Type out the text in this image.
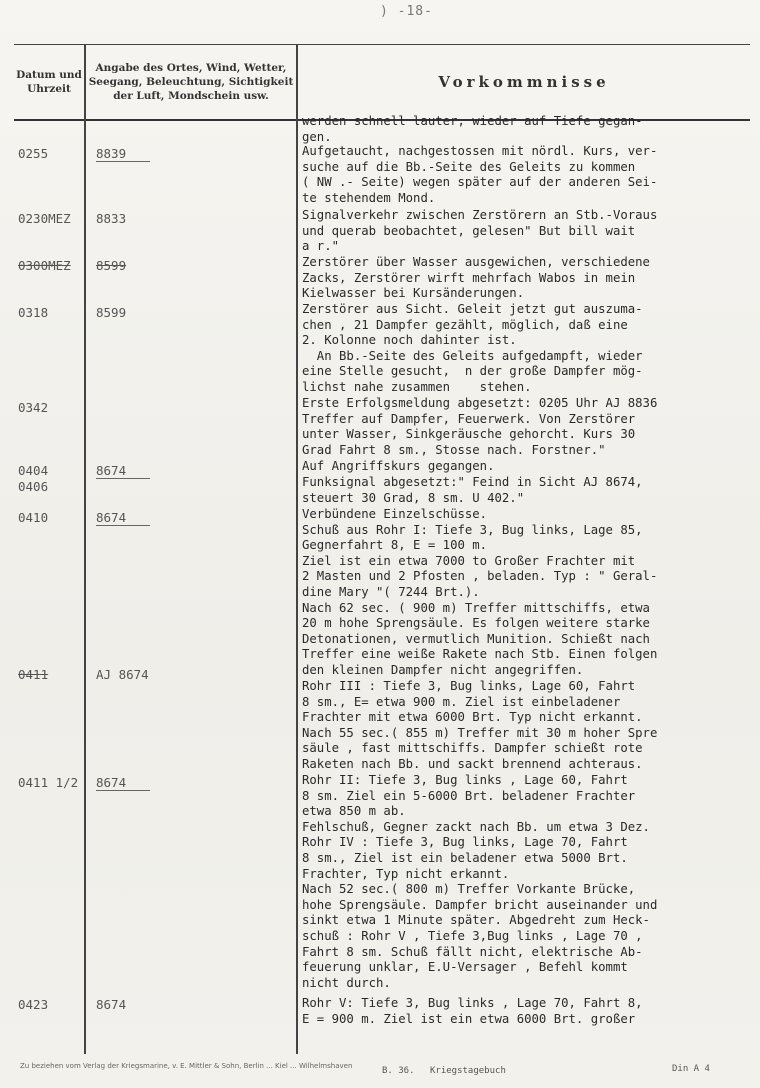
) -18-
Datum und Uhrzeit
Angabe des Ortes, Wind, Wetter, Seegang, Beleuchtung, Sichtigkeit der Luft, Mondschein usw.
Vorkommnisse
0255
0230MEZ
0300MEZ
0318
0342
0404
0406
0410
0411
0411 1/2
0423
8839
8833
8599
8599
8674
8674
AJ 8674
8674
8674
werden schnell lauter, wieder auf Tiefe gegan-
gen.
Aufgetaucht, nachgestossen mit nördl. Kurs, ver-
suche auf die Bb.-Seite des Geleits zu kommen
( NW .- Seite) wegen später auf der anderen Sei-
te stehendem Mond.
Signalverkehr zwischen Zerstörern an Stb.-Voraus
und querab beobachtet, gelesen" But bill wait
a r."
Zerstörer über Wasser ausgewichen, verschiedene
Zacks, Zerstörer wirft mehrfach Wabos in mein
Kielwasser bei Kursänderungen.
Zerstörer aus Sicht. Geleit jetzt gut auszuma-
chen , 21 Dampfer gezählt, möglich, daß eine
2. Kolonne noch dahinter ist.
An Bb.-Seite des Geleits aufgedampft, wieder
eine Stelle gesucht,  n der große Dampfer mög-
lichst nahe zusammen    stehen.
Erste Erfolgsmeldung abgesetzt: 0205 Uhr AJ 8836
Treffer auf Dampfer, Feuerwerk. Von Zerstörer
unter Wasser, Sinkgeräusche gehorcht. Kurs 30
Grad Fahrt 8 sm., Stosse nach. Forstner."
Auf Angriffskurs gegangen.
Funksignal abgesetzt:" Feind in Sicht AJ 8674,
steuert 30 Grad, 8 sm. U 402."
Verbündene Einzelschüsse.
Schuß aus Rohr I: Tiefe 3, Bug links, Lage 85,
Gegnerfahrt 8, E = 100 m.
Ziel ist ein etwa 7000 to Großer Frachter mit
2 Masten und 2 Pfosten , beladen. Typ : " Geral-
dine Mary "( 7244 Brt.).
Nach 62 sec. ( 900 m) Treffer mittschiffs, etwa
20 m hohe Sprengsäule. Es folgen weitere starke
Detonationen, vermutlich Munition. Schießt nach
Treffer eine weiße Rakete nach Stb. Einen folgen
den kleinen Dampfer nicht angegriffen.
Rohr III : Tiefe 3, Bug links, Lage 60, Fahrt
8 sm., E= etwa 900 m. Ziel ist einbeladener
Frachter mit etwa 6000 Brt. Typ nicht erkannt.
Nach 55 sec.( 855 m) Treffer mit 30 m hoher Spre
säule , fast mittschiffs. Dampfer schießt rote
Raketen nach Bb. und sackt brennend achteraus.
Rohr II: Tiefe 3, Bug links , Lage 60, Fahrt
8 sm. Ziel ein 5-6000 Brt. beladener Frachter
etwa 850 m ab.
Fehlschuß, Gegner zackt nach Bb. um etwa 3 Dez.
Rohr IV : Tiefe 3, Bug links, Lage 70, Fahrt
8 sm., Ziel ist ein beladener etwa 5000 Brt.
Frachter, Typ nicht erkannt.
Nach 52 sec.( 800 m) Treffer Vorkante Brücke,
hohe Sprengsäule. Dampfer bricht auseinander und
sinkt etwa 1 Minute später. Abgedreht zum Heck-
schuß : Rohr V , Tiefe 3,Bug links , Lage 70 ,
Fahrt 8 sm. Schuß fällt nicht, elektrische Ab-
feuerung unklar, E.U-Versager , Befehl kommt
nicht durch.
Rohr V: Tiefe 3, Bug links , Lage 70, Fahrt 8,
E = 900 m. Ziel ist ein etwa 6000 Brt. großer
Zu beziehen vom Verlag der Kriegsmarine, v. E. Mittler & Sohn, Berlin ... Kiel ... Wilhelmshaven	B. 36. Kriegstagebuch	Din A 4
